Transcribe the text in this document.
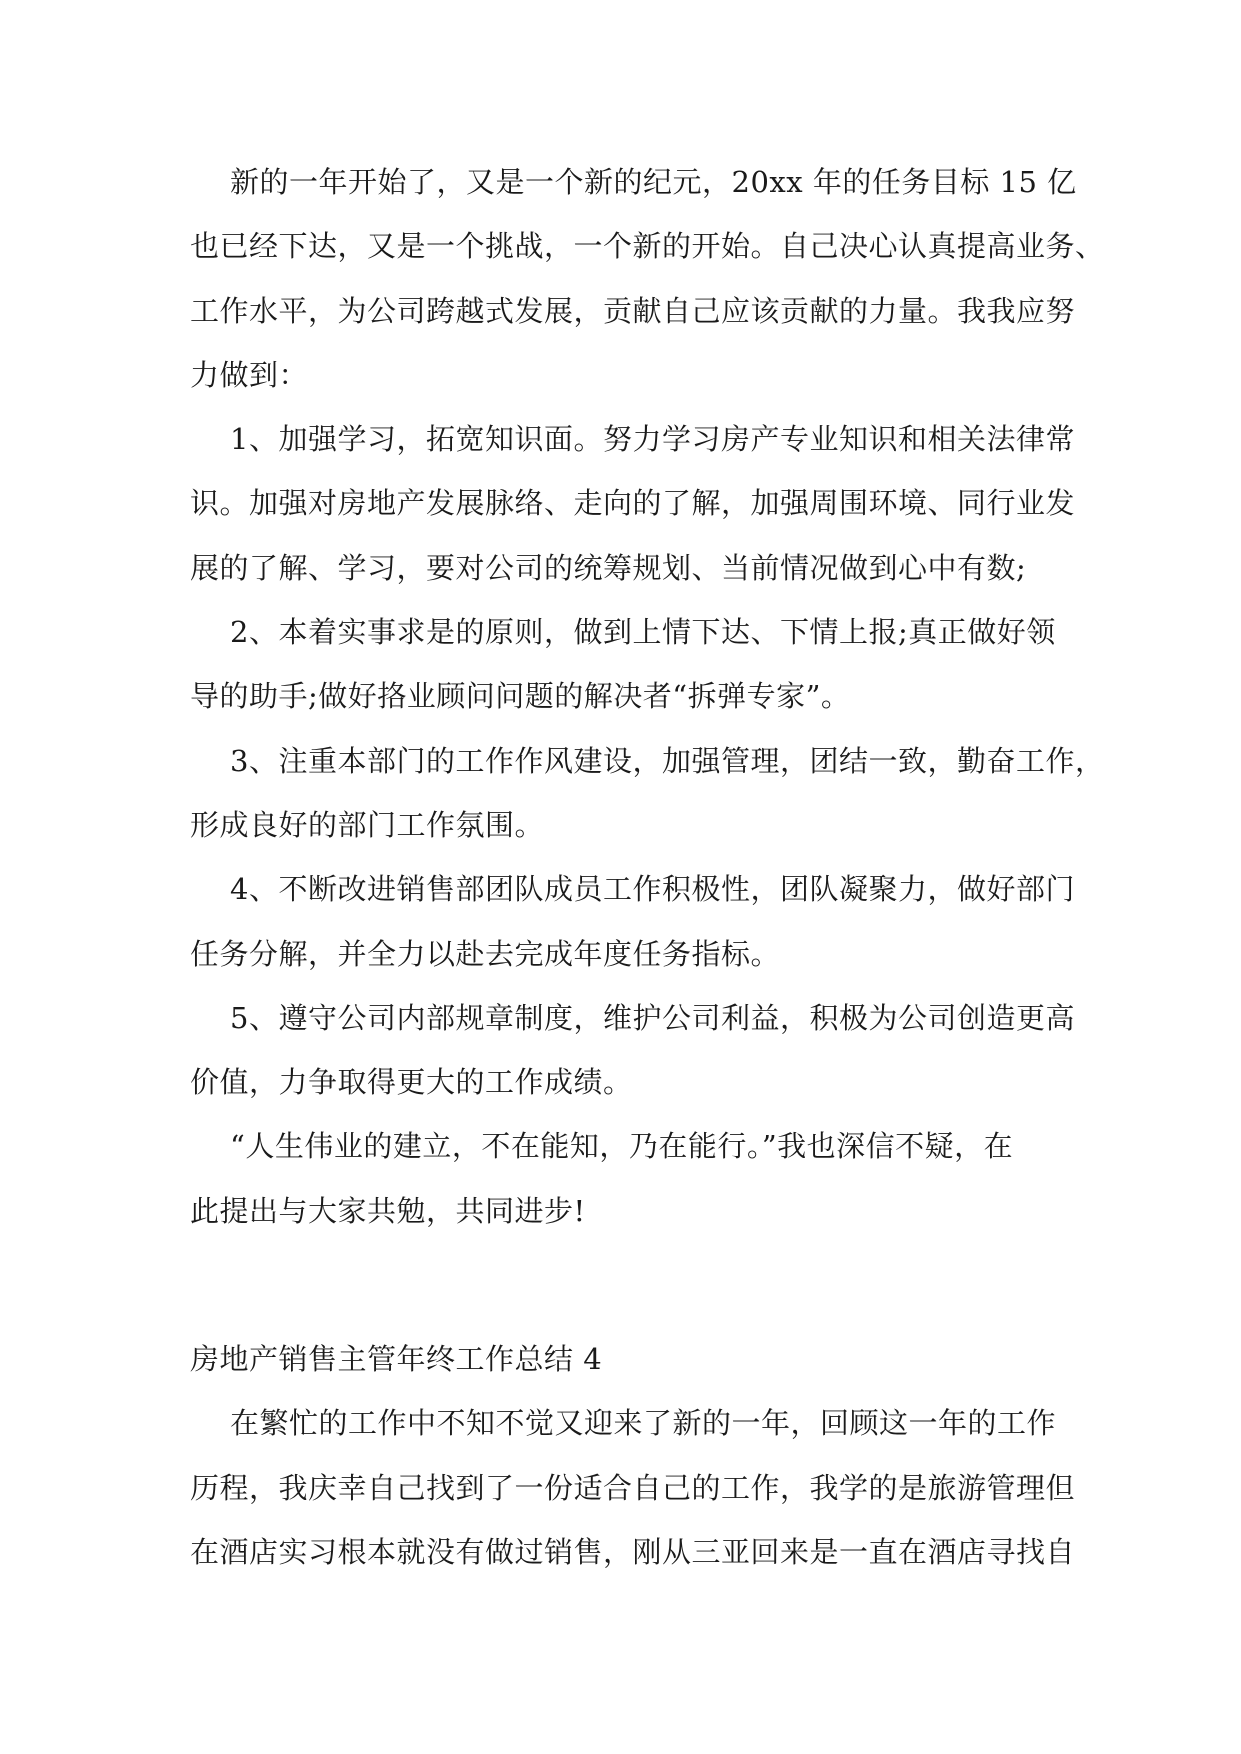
新的一年开始了，又是一个新的纪元，20xx 年的任务目标 15 亿
也已经下达，又是一个挑战，一个新的开始。自己决心认真提高业务、
工作水平，为公司跨越式发展，贡献自己应该贡献的力量。我我应努
力做到：
1、加强学习，拓宽知识面。努力学习房产专业知识和相关法律常
识。加强对房地产发展脉络、走向的了解，加强周围环境、同行业发
展的了解、学习，要对公司的统筹规划、当前情况做到心中有数;
2、本着实事求是的原则，做到上情下达、下情上报;真正做好领
导的助手;做好挌业顾问问题的解决者“拆弹专家”。
3、注重本部门的工作作风建设，加强管理，团结一致，勤奋工作，
形成良好的部门工作氛围。
4、不断改进销售部团队成员工作积极性，团队凝聚力，做好部门
任务分解，并全力以赴去完成年度任务指标。
5、遵守公司内部规章制度，维护公司利益，积极为公司创造更高
价值，力争取得更大的工作成绩。
“人生伟业的建立，不在能知，乃在能行。”我也深信不疑，在
此提出与大家共勉，共同进步!
房地产销售主管年终工作总结 4
在繁忙的工作中不知不觉又迎来了新的一年，回顾这一年的工作
历程，我庆幸自己找到了一份适合自己的工作，我学的是旅游管理但
在酒店实习根本就没有做过销售，刚从三亚回来是一直在酒店寻找自
